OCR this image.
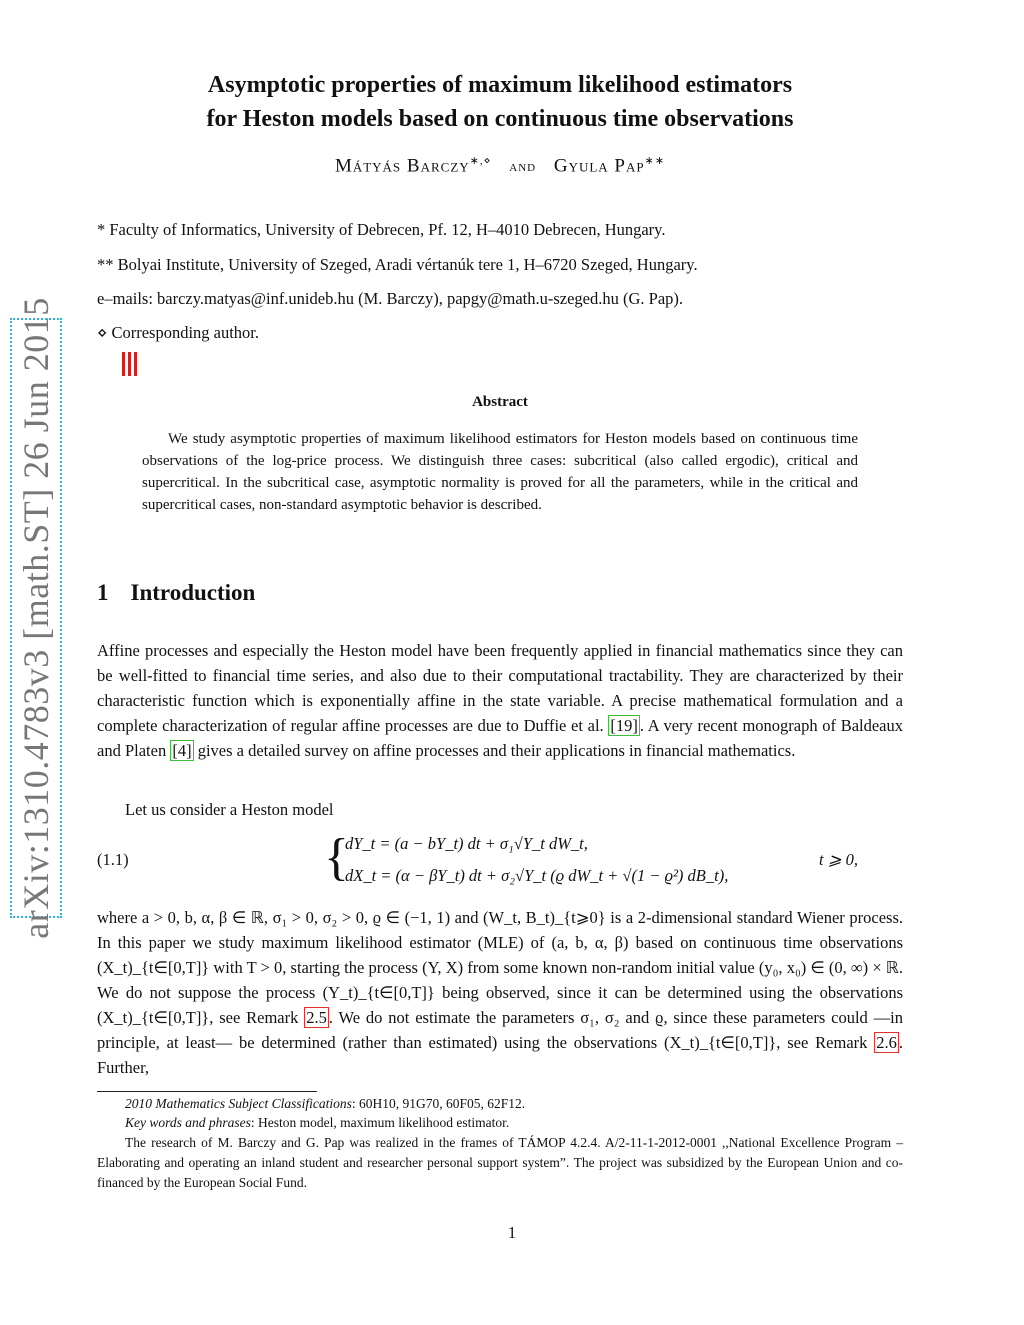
arXiv:1310.4783v3 [math.ST] 26 Jun 2015
Asymptotic properties of maximum likelihood estimators
for Heston models based on continuous time observations
Mátyás Barczy∗,⋄ and Gyula Pap∗∗
* Faculty of Informatics, University of Debrecen, Pf. 12, H–4010 Debrecen, Hungary.
** Bolyai Institute, University of Szeged, Aradi vértanúk tere 1, H–6720 Szeged, Hungary.
e–mails: barczy.matyas@inf.unideb.hu (M. Barczy), papgy@math.u-szeged.hu (G. Pap).
⋄ Corresponding author.
Abstract
We study asymptotic properties of maximum likelihood estimators for Heston models based on continuous time observations of the log-price process. We distinguish three cases: subcritical (also called ergodic), critical and supercritical. In the subcritical case, asymptotic normality is proved for all the parameters, while in the critical and supercritical cases, non-standard asymptotic behavior is described.
1 Introduction
Affine processes and especially the Heston model have been frequently applied in financial mathematics since they can be well-fitted to financial time series, and also due to their computational tractability. They are characterized by their characteristic function which is exponentially affine in the state variable. A precise mathematical formulation and a complete characterization of regular affine processes are due to Duffie et al. [19] . A very recent monograph of Baldeaux and Platen [4] gives a detailed survey on affine processes and their applications in financial mathematics.
Let us consider a Heston model
(1.1)	{
dY_t = (a − bY_t) dt + σ₁√Y_t dW_t,
dX_t = (α − βY_t) dt + σ₂√Y_t (ϱ dW_t + √(1 − ϱ²) dB_t),
t ⩾ 0,
where a > 0, b, α, β ∈ ℝ, σ₁ > 0, σ₂ > 0, ϱ ∈ (−1, 1) and (W_t, B_t)_{t⩾0} is a 2-dimensional standard Wiener process. In this paper we study maximum likelihood estimator (MLE) of (a, b, α, β) based on continuous time observations (X_t)_{t∈[0,T]} with T > 0, starting the process (Y, X) from some known non-random initial value (y₀, x₀) ∈ (0, ∞) × ℝ. We do not suppose the process (Y_t)_{t∈[0,T]} being observed, since it can be determined using the observations (X_t)_{t∈[0,T]}, see Remark 2.5 . We do not estimate the parameters σ₁, σ₂ and ϱ, since these parameters could —in principle, at least— be determined (rather than estimated) using the observations (X_t)_{t∈[0,T]}, see Remark 2.6 . Further,
2010 Mathematics Subject Classifications: 60H10, 91G70, 60F05, 62F12.
Key words and phrases: Heston model, maximum likelihood estimator.
The research of M. Barczy and G. Pap was realized in the frames of TÁMOP 4.2.4. A/2-11-1-2012-0001 ,,National Excellence Program – Elaborating and operating an inland student and researcher personal support system”. The project was subsidized by the European Union and co-financed by the European Social Fund.
1
